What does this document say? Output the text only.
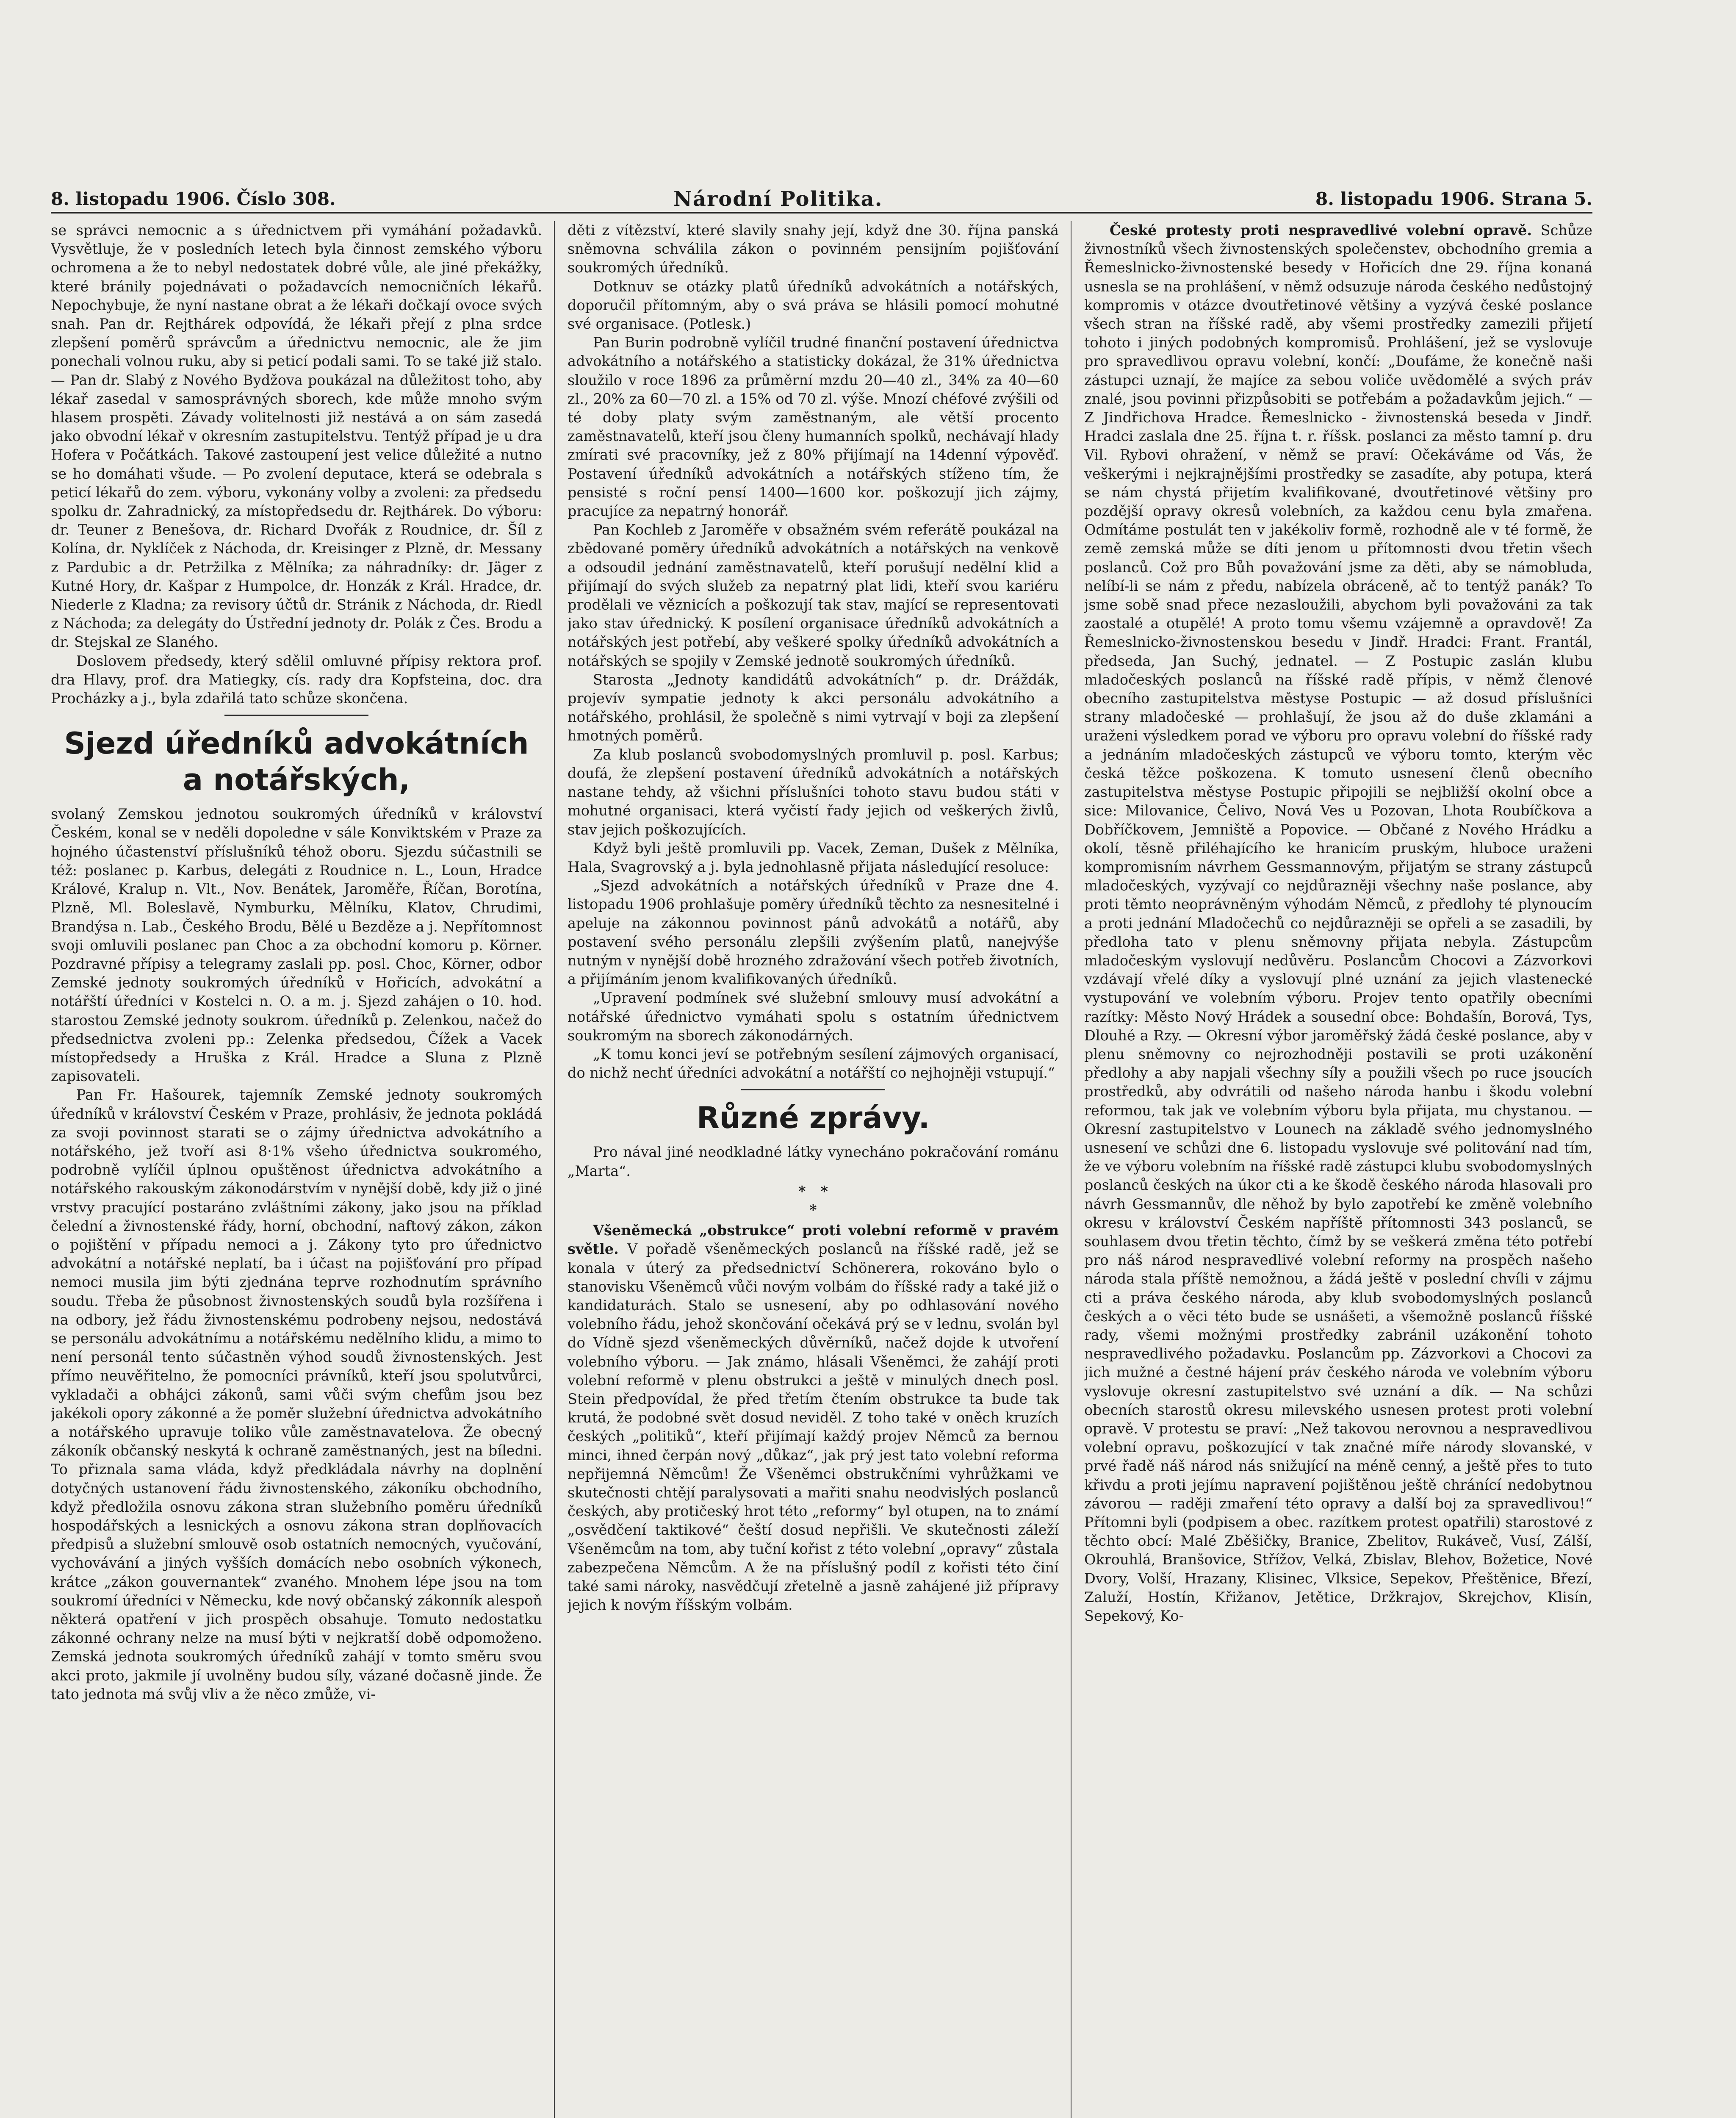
8. listopadu 1906. Číslo 308.	Národní Politika.	8. listopadu 1906. Strana 5.

se správci nemocnic a s úřednictvem při vymáhání požadavků. Vysvětluje, že v posledních letech byla činnost zemského výboru ochromena a že to nebyl nedostatek dobré vůle, ale jiné překážky, které bránily pojednávati o požadavcích nemocničních lékařů. Nepochybuje, že nyní nastane obrat a že lékaři dočkají ovoce svých snah. Pan dr. Rejthárek odpovídá, že lékaři přejí z plna srdce zlepšení poměrů správcům a úřednictvu nemocnic, ale že jim ponechali volnou ruku, aby si peticí podali sami. To se také již stalo. — Pan dr. Slabý z Nového Bydžova poukázal na důležitost toho, aby lékař zasedal v samosprávných sborech, kde může mnoho svým hlasem prospěti. Závady volitelnosti již nestává a on sám zasedá jako obvodní lékař v okresním zastupitelstvu. Tentýž případ je u dra Hofera v Počátkách. Takové zastoupení jest velice důležité a nutno se ho domáhati všude. — Po zvolení deputace, která se odebrala s peticí lékařů do zem. výboru, vykonány volby a zvoleni: za předsedu spolku dr. Zahradnický, za místopředsedu dr. Rejthárek. Do výboru: dr. Teuner z Benešova, dr. Richard Dvořák z Roudnice, dr. Šíl z Kolína, dr. Nyklíček z Náchoda, dr. Kreisinger z Plzně, dr. Messany z Pardubic a dr. Petržilka z Mělníka; za náhradníky: dr. Jäger z Kutné Hory, dr. Kašpar z Humpolce, dr. Honzák z Král. Hradce, dr. Niederle z Kladna; za revisory účtů dr. Stránik z Náchoda, dr. Riedl z Náchoda; za delegáty do Ústřední jednoty dr. Polák z Čes. Brodu a dr. Stejskal ze Slaného.

Doslovem předsedy, který sdělil omluvné přípisy rektora prof. dra Hlavy, prof. dra Matiegky, cís. rady dra Kopfsteina, doc. dra Procházky a j., byla zdařilá tato schůze skončena.

Sjezd úředníků advokátních a notářských,

svolaný Zemskou jednotou soukromých úředníků v království Českém, konal se v neděli dopoledne v sále Konviktském v Praze za hojného účastenství příslušníků téhož oboru. Sjezdu súčastnili se též: poslanec p. Karbus, delegáti z Roudnice n. L., Loun, Hradce Králové, Kralup n. Vlt., Nov. Benátek, Jaroměře, Říčan, Borotína, Plzně, Ml. Boleslavě, Nymburku, Mělníku, Klatov, Chrudimi, Brandýsa n. Lab., Českého Brodu, Bělé u Bezděze a j. Nepřítomnost svoji omluvili poslanec pan Choc a za obchodní komoru p. Körner. Pozdravné přípisy a telegramy zaslali pp. posl. Choc, Körner, odbor Zemské jednoty soukromých úředníků v Hořicích, advokátní a notářští úředníci v Kostelci n. O. a m. j. Sjezd zahájen o 10. hod. starostou Zemské jednoty soukrom. úředníků p. Zelenkou, načež do předsednictva zvoleni pp.: Zelenka předsedou, Čížek a Vacek místopředsedy a Hruška z Král. Hradce a Sluna z Plzně zapisovateli.

Pan Fr. Hašourek, tajemník Zemské jednoty soukromých úředníků v království Českém v Praze, prohlásiv, že jednota pokládá za svoji povinnost starati se o zájmy úřednictva advokátního a notářského, jež tvoří asi 8·1% všeho úřednictva soukromého, podrobně vylíčil úplnou opuštěnost úřednictva advokátního a notářského rakouským zákonodárstvím v nynější době, kdy již o jiné vrstvy pracující postaráno zvláštními zákony, jako jsou na příklad čelední a živnostenské řády, horní, obchodní, naftový zákon, zákon o pojištění v případu nemoci a j. Zákony tyto pro úřednictvo advokátní a notářské neplatí, ba i účast na pojišťování pro případ nemoci musila jim býti zjednána teprve rozhodnutím správního soudu. Třeba že působnost živnostenských soudů byla rozšířena i na odbory, jež řádu živnostenskému podrobeny nejsou, nedostává se personálu advokátnímu a notářskému nedělního klidu, a mimo to není personál tento súčastněn výhod soudů živnostenských. Jest přímo neuvěřitelno, že pomocníci právníků, kteří jsou spolutvůrci, vykladači a obhájci zákonů, sami vůči svým chefům jsou bez jakékoli opory zákonné a že poměr služební úřednictva advokátního a notářského upravuje toliko vůle zaměstnavatelova. Že obecný zákoník občanský neskytá k ochraně zaměstnaných, jest na bíledni. To přiznala sama vláda, když předkládala návrhy na doplnění dotyčných ustanovení řádu živnostenského, zákoníku obchodního, když předložila osnovu zákona stran služebního poměru úředníků hospodářských a lesnických a osnovu zákona stran doplňovacích předpisů a služební smlouvě osob ostatních nemocných, vyučování, vychovávání a jiných vyšších domácích nebo osobních výkonech, krátce „zákon gouvernantek“ zvaného. Mnohem lépe jsou na tom soukromí úředníci v Německu, kde nový občanský zákonník alespoň některá opatření v jich prospěch obsahuje. Tomuto nedostatku zákonné ochrany nelze na musí býti v nejkratší době odpomoženo. Zemská jednota soukromých úředníků zahájí v tomto směru svou akci proto, jakmile jí uvolněny budou síly, vázané dočasně jinde. Že tato jednota má svůj vliv a že něco zmůže, vi-

děti z vítězství, které slavily snahy její, když dne 30. října panská sněmovna schválila zákon o povinném pensijním pojišťování soukromých úředníků.

Dotknuv se otázky platů úředníků advokátních a notářských, doporučil přítomným, aby o svá práva se hlásili pomocí mohutné své organisace. (Potlesk.)

Pan Burin podrobně vylíčil trudné finanční postavení úřednictva advokátního a notářského a statisticky dokázal, že 31% úřednictva sloužilo v roce 1896 za průměrní mzdu 20—40 zl., 34% za 40—60 zl., 20% za 60—70 zl. a 15% od 70 zl. výše. Mnozí chéfové zvýšili od té doby platy svým zaměstnaným, ale větší procento zaměstnavatelů, kteří jsou členy humanních spolků, nechávají hlady zmírati své pracovníky, jež z 80% přijímají na 14denní výpověď. Postavení úředníků advokátních a notářských stíženo tím, že pensisté s roční pensí 1400—1600 kor. poškozují jich zájmy, pracujíce za nepatrný honorář.

Pan Kochleb z Jaroměře v obsažném svém referátě poukázal na zbědované poměry úředníků advokátních a notářských na venkově a odsoudil jednání zaměstnavatelů, kteří porušují nedělní klid a přijímají do svých služeb za nepatrný plat lidi, kteří svou kariéru prodělali ve věznicích a poškozují tak stav, mající se representovati jako stav úřednický. K posílení organisace úředníků advokátních a notářských jest potřebí, aby veškeré spolky úředníků advokátních a notářských se spojily v Zemské jednotě soukromých úředníků.

Starosta „Jednoty kandidátů advokátních“ p. dr. Dráždák, projevív sympatie jednoty k akci personálu advokátního a notářského, prohlásil, že společně s nimi vytrvají v boji za zlepšení hmotných poměrů.

Za klub poslanců svobodomyslných promluvil p. posl. Karbus; doufá, že zlepšení postavení úředníků advokátních a notářských nastane tehdy, až všichni příslušníci tohoto stavu budou státi v mohutné organisaci, která vyčistí řady jejich od veškerých živlů, stav jejich poškozujících.

Když byli ještě promluvili pp. Vacek, Zeman, Dušek z Mělníka, Hala, Svagrovský a j. byla jednohlasně přijata následující resoluce:

„Sjezd advokátních a notářských úředníků v Praze dne 4. listopadu 1906 prohlašuje poměry úředníků těchto za nesnesitelné i apeluje na zákonnou povinnost pánů advokátů a notářů, aby postavení svého personálu zlepšili zvýšením platů, nanejvýše nutným v nynější době hrozného zdražování všech potřeb životních, a přijímáním jenom kvalifikovaných úředníků.

„Upravení podmínek své služební smlouvy musí advokátní a notářské úřednictvo vymáhati spolu s ostatním úřednictvem soukromým na sborech zákonodárných.

„K tomu konci jeví se potřebným sesílení zájmových organisací, do nichž nechť úředníci advokátní a notářští co nejhojněji vstupují.“

Různé zprávy.

Pro nával jiné neodkladné látky vynecháno pokračování románu „Marta“.

*   *
*

Všeněmecká „obstrukce“ proti volební reformě v pravém světle. V pořadě všeněmeckých poslanců na říšské radě, jež se konala v úterý za předsednictví Schönerera, rokováno bylo o stanovisku Všeněmců vůči novým volbám do říšské rady a také již o kandidaturách. Stalo se usnesení, aby po odhlasování nového volebního řádu, jehož skončování očekává prý se v lednu, svolán byl do Vídně sjezd všeněmeckých důvěrníků, načež dojde k utvoření volebního výboru. — Jak známo, hlásali Všeněmci, že zahájí proti volební reformě v plenu obstrukci a ještě v minulých dnech posl. Stein předpovídal, že před třetím čtením obstrukce ta bude tak krutá, že podobné svět dosud neviděl. Z toho také v oněch kruzích českých „politiků“, kteří přijímají každý projev Němců za bernou minci, ihned čerpán nový „důkaz“, jak prý jest tato volební reforma nepřijemná Němcům! Že Všeněmci obstrukčními vyhrůžkami ve skutečnosti chtějí paralysovati a mařiti snahu neodvislých poslanců českých, aby protičeský hrot této „reformy“ byl otupen, na to známí „osvědčení taktikové“ čeští dosud nepřišli. Ve skutečnosti záleží Všeněmcům na tom, aby tuční kořist z této volební „opravy“ zůstala zabezpečena Němcům. A že na příslušný podíl z kořisti této činí také sami nároky, nasvědčují zřetelně a jasně zahájené již přípravy jejich k novým říšským volbám.

České protesty proti nespravedlivé volební opravě. Schůze živnostníků všech živnostenských společenstev, obchodního gremia a Řemeslnicko-živnostenské besedy v Hořicích dne 29. října konaná usnesla se na prohlášení, v němž odsuzuje národa českého nedůstojný kompromis v otázce dvoutřetinové většiny a vyzývá české poslance všech stran na říšské radě, aby všemi prostředky zamezili přijetí tohoto i jiných podobných kompromisů. Prohlášení, jež se vyslovuje pro spravedlivou opravu volební, končí: „Doufáme, že konečně naši zástupci uznají, že majíce za sebou voliče uvědomělé a svých práv znalé, jsou povinni přizpůsobiti se potřebám a požadavkům jejich.“ — Z Jindřichova Hradce. Řemeslnicko - živnostenská beseda v Jindř. Hradci zaslala dne 25. října t. r. říšsk. poslanci za město tamní p. dru Vil. Rybovi ohražení, v němž se praví: Očekáváme od Vás, že veškerými i nejkrajnějšími prostředky se zasadíte, aby potupa, která se nám chystá přijetím kvalifikované, dvoutřetinové většiny pro pozdější opravy okresů volebních, za každou cenu byla zmařena. Odmítáme postulát ten v jakékoliv formě, rozhodně ale v té formě, že země zemská může se díti jenom u přítomnosti dvou třetin všech poslanců. Což pro Bůh považování jsme za děti, aby se námobluda, nelíbí-li se nám z předu, nabízela obráceně, ač to tentýž panák? To jsme sobě snad přece nezasloužili, abychom byli považováni za tak zaostalé a otupělé! A proto tomu všemu vzájemně a opravdově! Za Řemeslnicko-živnostenskou besedu v Jindř. Hradci: Frant. Frantál, předseda, Jan Suchý, jednatel. — Z Postupic zaslán klubu mladočeských poslanců na říšské radě přípis, v němž členové obecního zastupitelstva městyse Postupic — až dosud příslušníci strany mladočeské — prohlašují, že jsou až do duše zklamáni a uraženi výsledkem porad ve výboru pro opravu volební do říšské rady a jednáním mladočeských zástupců ve výboru tomto, kterým věc česká těžce poškozena. K tomuto usnesení členů obecního zastupitelstva městyse Postupic připojili se nejbližší okolní obce a sice: Milovanice, Čelivo, Nová Ves u Pozovan, Lhota Roubíčkova a Dobříčkovem, Jemniště a Popovice. — Občané z Nového Hrádku a okolí, těsně přiléhajícího ke hranicím pruským, hluboce uraženi kompromisním návrhem Gessmannovým, přijatým se strany zástupců mladočeských, vyzývají co nejdůrazněji všechny naše poslance, aby proti těmto neoprávněným výhodám Němců, z předlohy té plynoucím a proti jednání Mladočechů co nejdůrazněji se opřeli a se zasadili, by předloha tato v plenu sněmovny přijata nebyla. Zástupcům mladočeským vyslovují nedůvěru. Poslancům Chocovi a Zázvorkovi vzdávají vřelé díky a vyslovují plné uznání za jejich vlastenecké vystupování ve volebním výboru. Projev tento opatřily obecními razítky: Město Nový Hrádek a sousední obce: Bohdašín, Borová, Tys, Dlouhé a Rzy. — Okresní výbor jaroměřský žádá české poslance, aby v plenu sněmovny co nejrozhodněji postavili se proti uzákonění předlohy a aby napjali všechny síly a použili všech po ruce jsoucích prostředků, aby odvrátili od našeho národa hanbu i škodu volební reformou, tak jak ve volebním výboru byla přijata, mu chystanou. — Okresní zastupitelstvo v Lounech na základě svého jednomyslného usnesení ve schůzi dne 6. listopadu vyslovuje své politování nad tím, že ve výboru volebním na říšské radě zástupci klubu svobodomyslných poslanců českých na úkor cti a ke škodě českého národa hlasovali pro návrh Gessmannův, dle něhož by bylo zapotřebí ke změně volebního okresu v království Českém napříště přítomnosti 343 poslanců, se souhlasem dvou třetin těchto, čímž by se veškerá změna této potřebí pro náš národ nespravedlivé volební reformy na prospěch našeho národa stala příště nemožnou, a žádá ještě v poslední chvíli v zájmu cti a práva českého národa, aby klub svobodomyslných poslanců českých a o věci této bude se usnášeti, a všemožně poslanců říšské rady, všemi možnými prostředky zabránil uzákonění tohoto nespravedlivého požadavku. Poslancům pp. Zázvorkovi a Chocovi za jich mužné a čestné hájení práv českého národa ve volebním výboru vyslovuje okresní zastupitelstvo své uznání a dík. — Na schůzi obecních starostů okresu milevského usnesen protest proti volební opravě. V protestu se praví: „Než takovou nerovnou a nespravedlivou volební opravu, poškozující v tak značné míře národy slovanské, v prvé řadě náš národ nás snižující na méně cenný, a ještě přes to tuto křivdu a proti jejímu napravení pojištěnou ještě chránící nedobytnou závorou — raději zmaření této opravy a další boj za spravedlivou!“ Přítomni byli (podpisem a obec. razítkem protest opatřili) starostové z těchto obcí: Malé Zběšičky, Branice, Zbelitov, Rukáveč, Vusí, Zálší, Okrouhlá, Branšovice, Střížov, Velká, Zbislav, Blehov, Božetice, Nové Dvory, Volší, Hrazany, Klisinec, Vlksice, Sepekov, Přeštěnice, Březí, Zaluží, Hostín, Křižanov, Jetětice, Držkrajov, Skrejchov, Klisín, Sepekový, Ko-
